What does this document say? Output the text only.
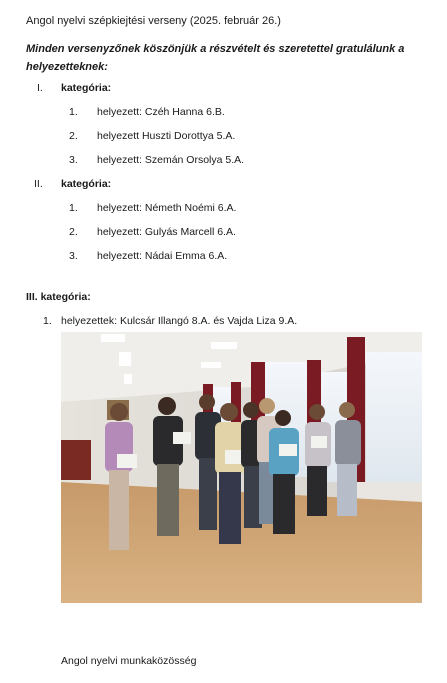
Angol nyelvi szépkiejtési verseny (2025. február 26.)
Minden versenyzőnek köszönjük a részvételt és szeretettel gratulálunk a helyezetteknek:
I. kategória:
1. helyezett: Czéh Hanna 6.B.
2. helyezett Huszti Dorottya 5.A.
3. helyezett: Szemán Orsolya 5.A.
II. kategória:
1. helyezett: Németh Noémi 6.A.
2. helyezett: Gulyás Marcell 6.A.
3. helyezett: Nádai Emma 6.A.
III. kategória:
1. helyezettek: Kulcsár Illangó 8.A. és Vajda Liza 9.A.
Angol nyelvi munkaközösség
